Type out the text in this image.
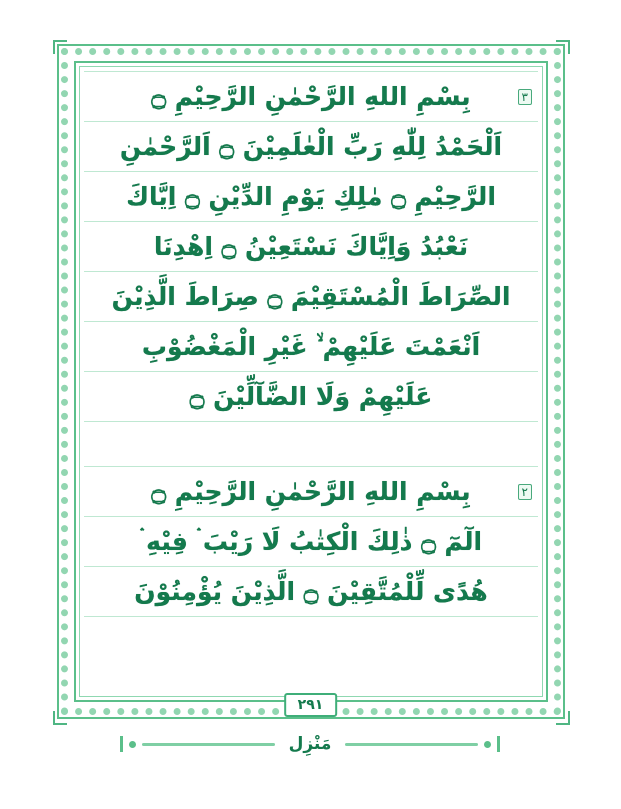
بِسْمِ اللهِ الرَّحْمٰنِ الرَّحِيْمِ ۝	٣
اَلْحَمْدُ لِلّٰهِ رَبِّ الْعٰلَمِيْنَ ۝ اَلرَّحْمٰنِ
الرَّحِيْمِ ۝ مٰلِكِ يَوْمِ الدِّيْنِ ۝ اِيَّاكَ
نَعْبُدُ وَاِيَّاكَ نَسْتَعِيْنُ ۝ اِهْدِنَا
الصِّرَاطَ الْمُسْتَقِيْمَ ۝ صِرَاطَ الَّذِيْنَ
اَنْعَمْتَ عَلَيْهِمْ ۙ غَيْرِ الْمَغْضُوْبِ
عَلَيْهِمْ وَلَا الضَّآلِّيْنَ ۝
بِسْمِ اللهِ الرَّحْمٰنِ الرَّحِيْمِ ۝	٢
الٓمٓ ۝ ذٰلِكَ الْكِتٰبُ لَا رَيْبَ ۛ فِيْهِ ۛ
هُدًى لِّلْمُتَّقِيْنَ ۝ الَّذِيْنَ يُؤْمِنُوْنَ
٢٩١
مَنْزِل
